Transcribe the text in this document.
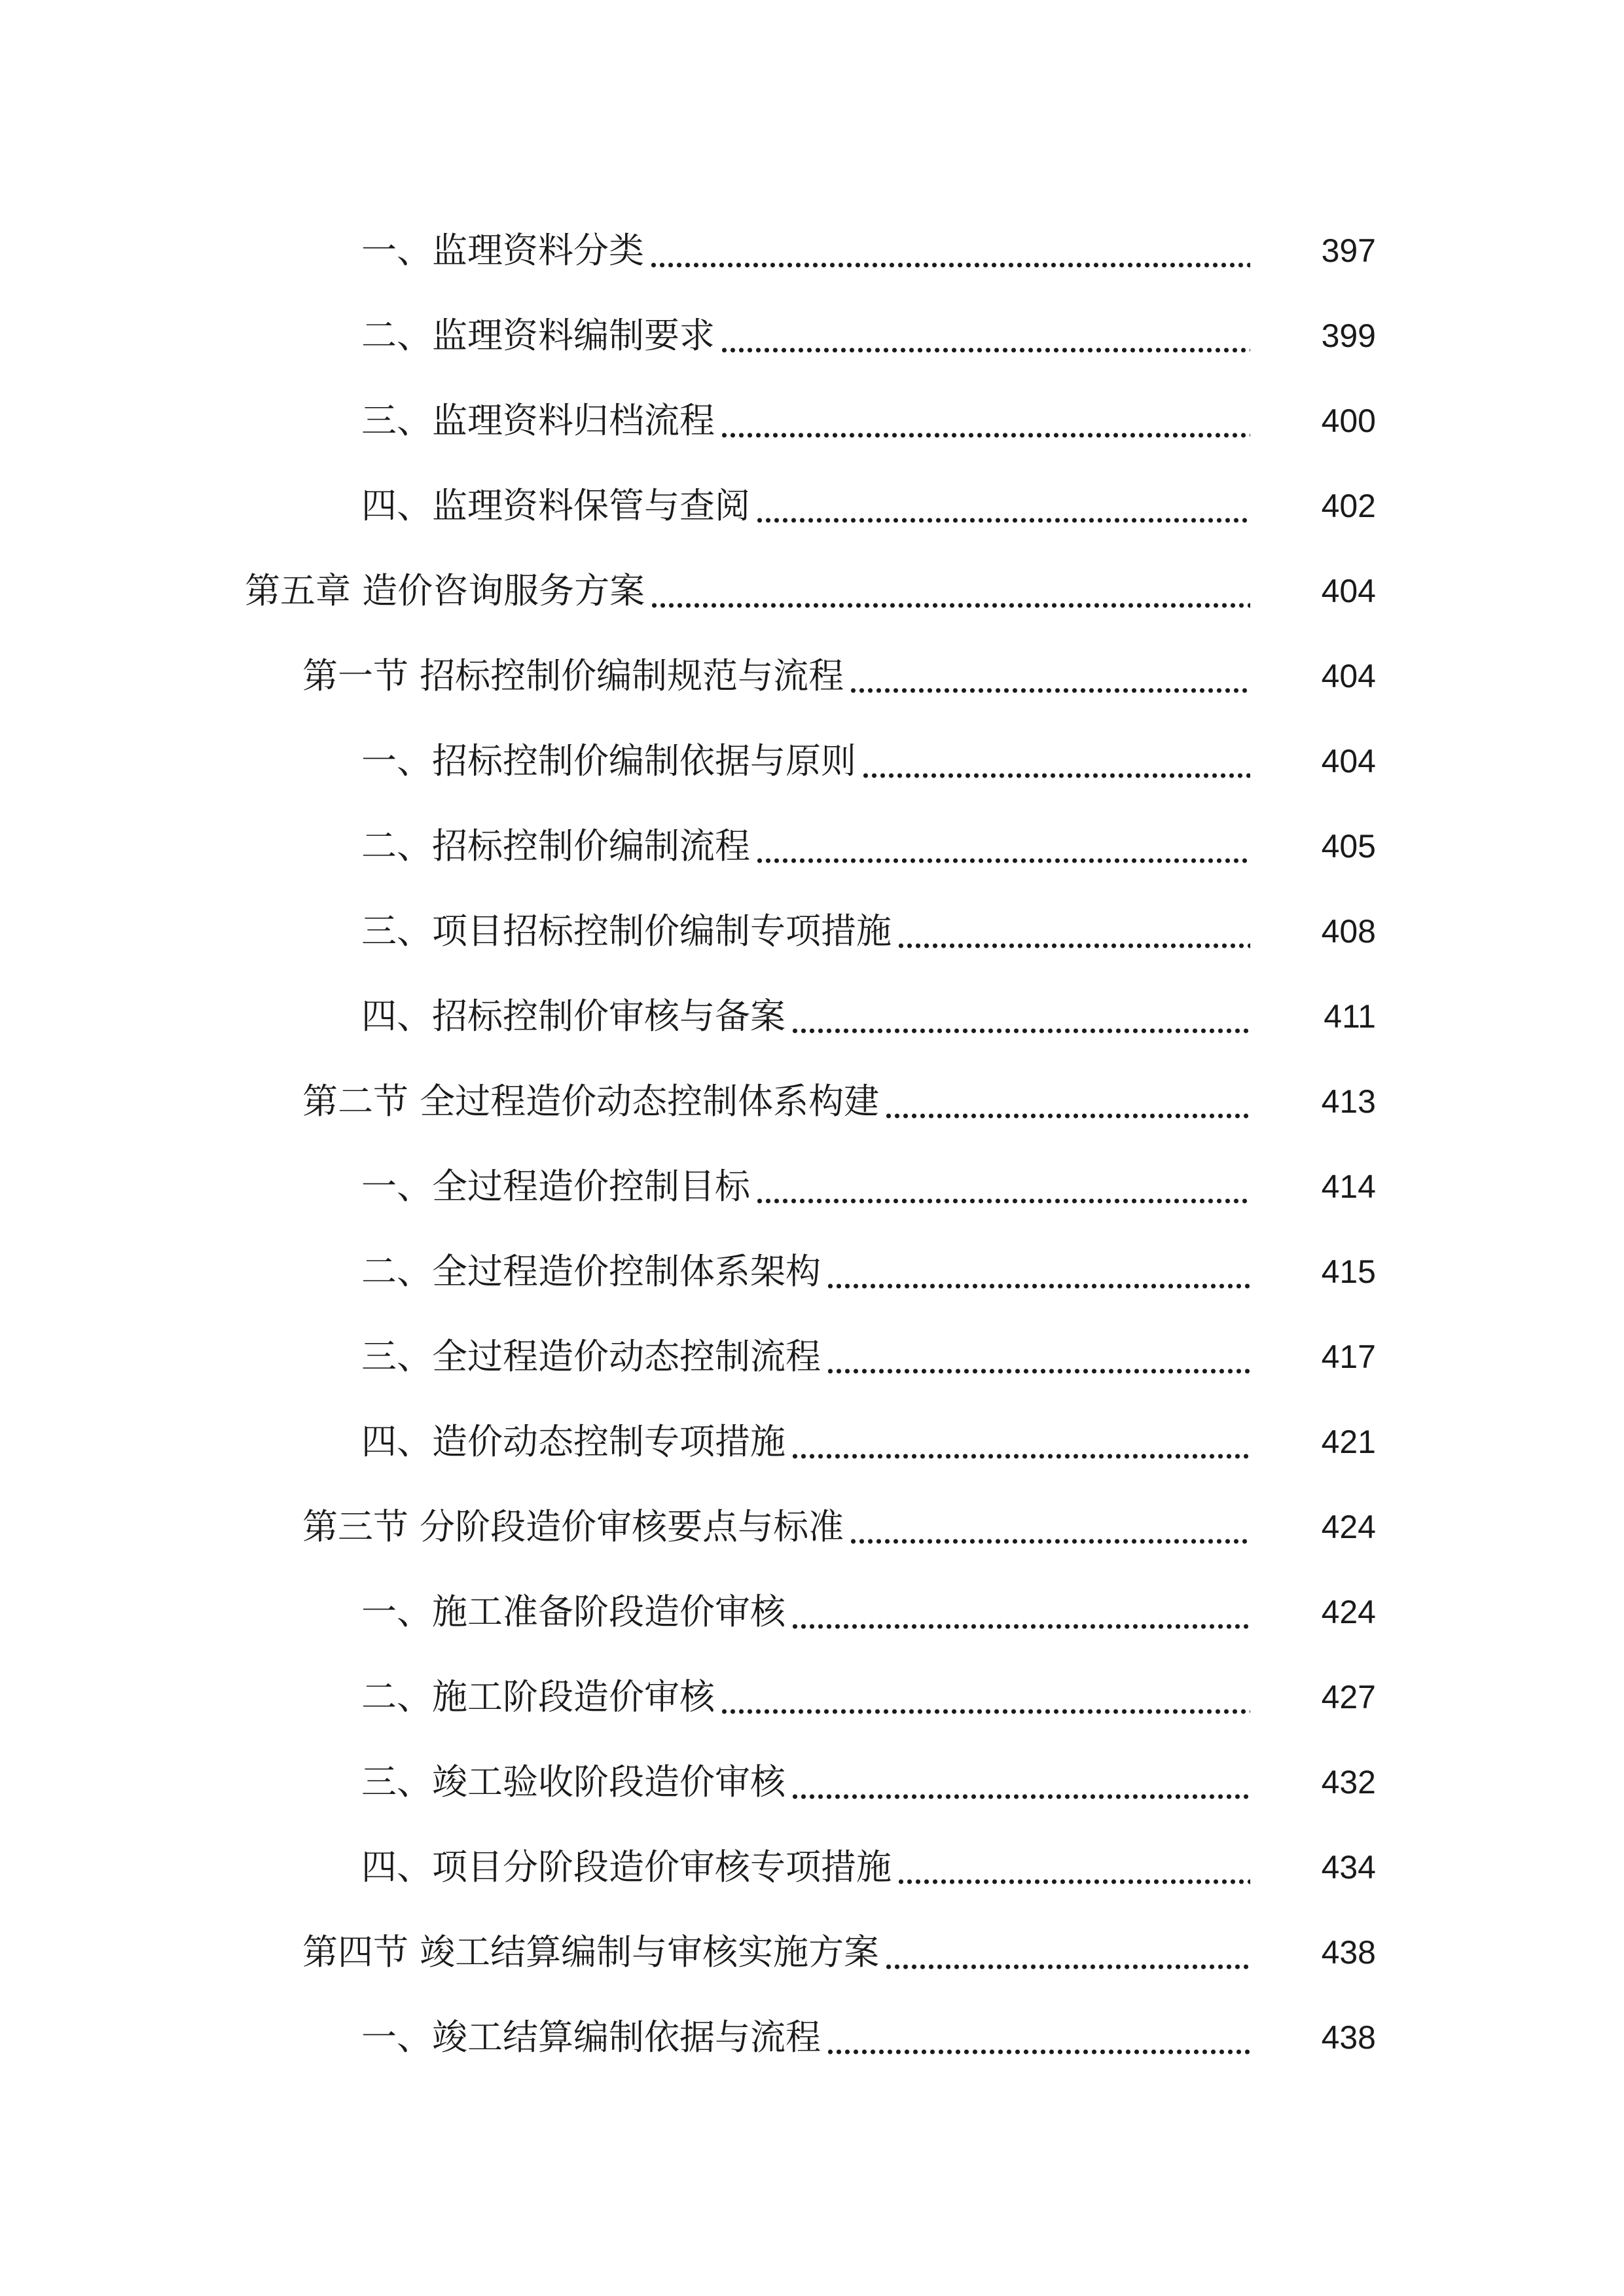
一、监理资料分类	397
二、监理资料编制要求	399
三、监理资料归档流程	400
四、监理资料保管与查阅	402
第五章 造价咨询服务方案	404
第一节 招标控制价编制规范与流程	404
一、招标控制价编制依据与原则	404
二、招标控制价编制流程	405
三、项目招标控制价编制专项措施	408
四、招标控制价审核与备案	411
第二节 全过程造价动态控制体系构建	413
一、全过程造价控制目标	414
二、全过程造价控制体系架构	415
三、全过程造价动态控制流程	417
四、造价动态控制专项措施	421
第三节 分阶段造价审核要点与标准	424
一、施工准备阶段造价审核	424
二、施工阶段造价审核	427
三、竣工验收阶段造价审核	432
四、项目分阶段造价审核专项措施	434
第四节 竣工结算编制与审核实施方案	438
一、竣工结算编制依据与流程	438
